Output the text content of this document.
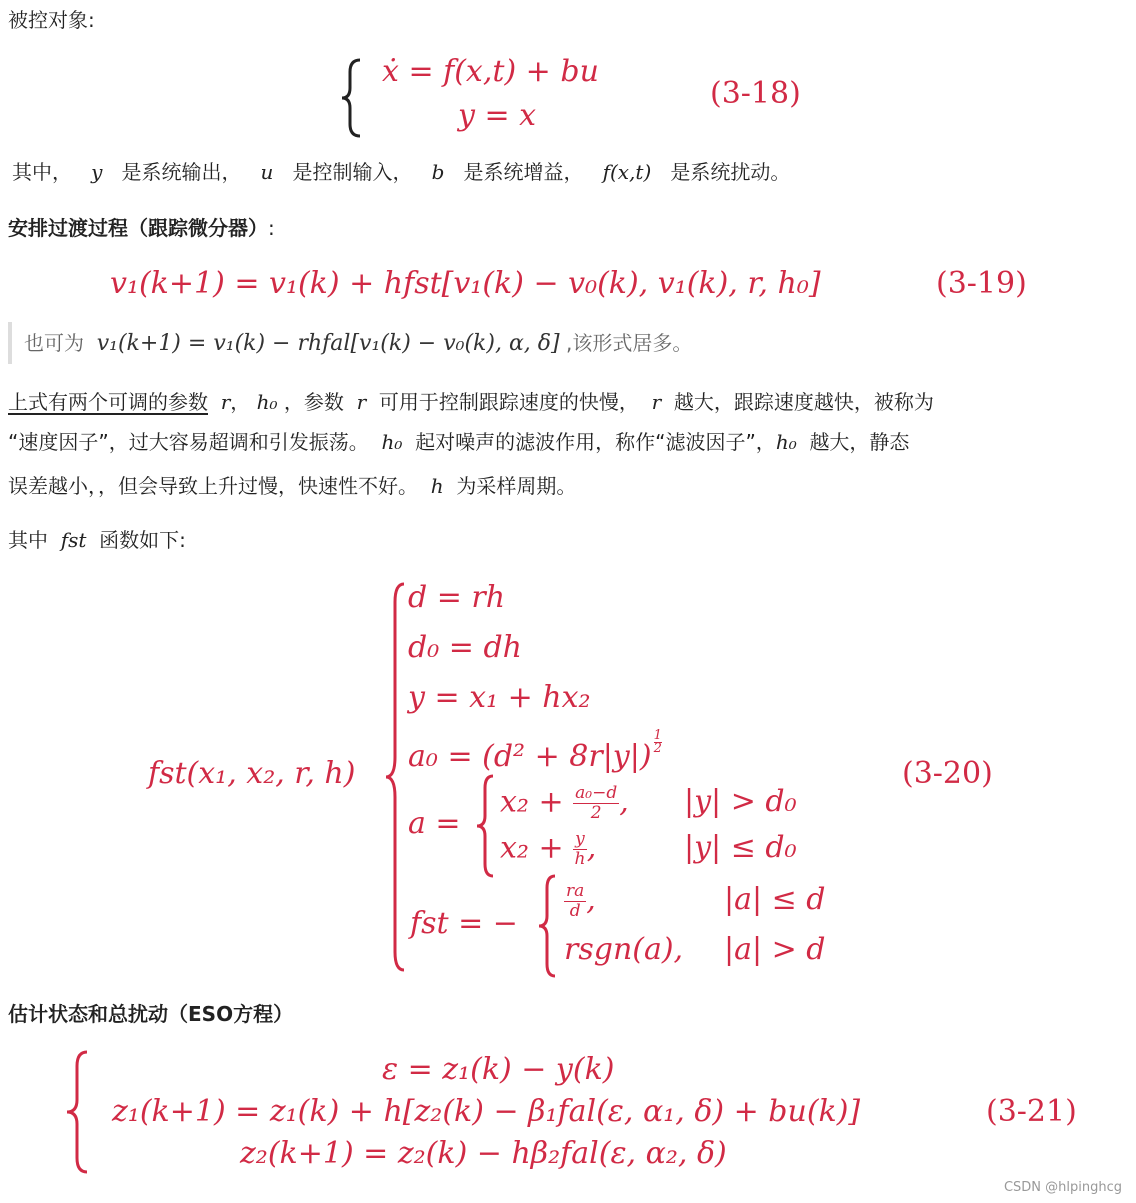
被控对象:
ẋ = f(x,t) + bu
y = x
(3-18)
其中， y 是系统输出， u 是控制输入， b 是系统增益， f(x,t) 是系统扰动。
安排过渡过程（跟踪微分器）:
v₁(k+1) = v₁(k) + hfst[v₁(k) − v₀(k), v₁(k), r, h₀]	(3-19)
也可为 v₁(k+1) = v₁(k) − rhfal[v₁(k) − v₀(k), α, δ] ,该形式居多。
上式有两个可调的参数 r， h₀ ，参数 r 可用于控制跟踪速度的快慢， r 越大，跟踪速度越快，被称为
“速度因子”，过大容易超调和引发振荡。 h₀ 起对噪声的滤波作用，称作“滤波因子”，h₀ 越大，静态
误差越小，，但会导致上升过慢，快速性不好。 h 为采样周期。
其中 fst 函数如下:
fst(x₁, x₂, r, h)
d = rh
d₀ = dh
y = x₁ + hx₂
$a_0 = (d^2 + 8r|y|) \frac{1}{2}$
a =
$x_2 + \frac{\text{a₀−d}}{2}$ , |y| > d₀
$x_2 + \frac{y}{h}$ ,	|y| ≤ d₀
fst = −
$\frac{ra}{d}$ ,	|a| ≤ d
rsgn(a), |a| > d
(3-20)
估计状态和总扰动（ESO方程）
ε = z₁(k) − y(k)
z₁(k+1) = z₁(k) + h[z₂(k) − β₁fal(ε, α₁, δ) + bu(k)]
z₂(k+1) = z₂(k) − hβ₂fal(ε, α₂, δ)
(3-21)
CSDN @hlpinghcg
